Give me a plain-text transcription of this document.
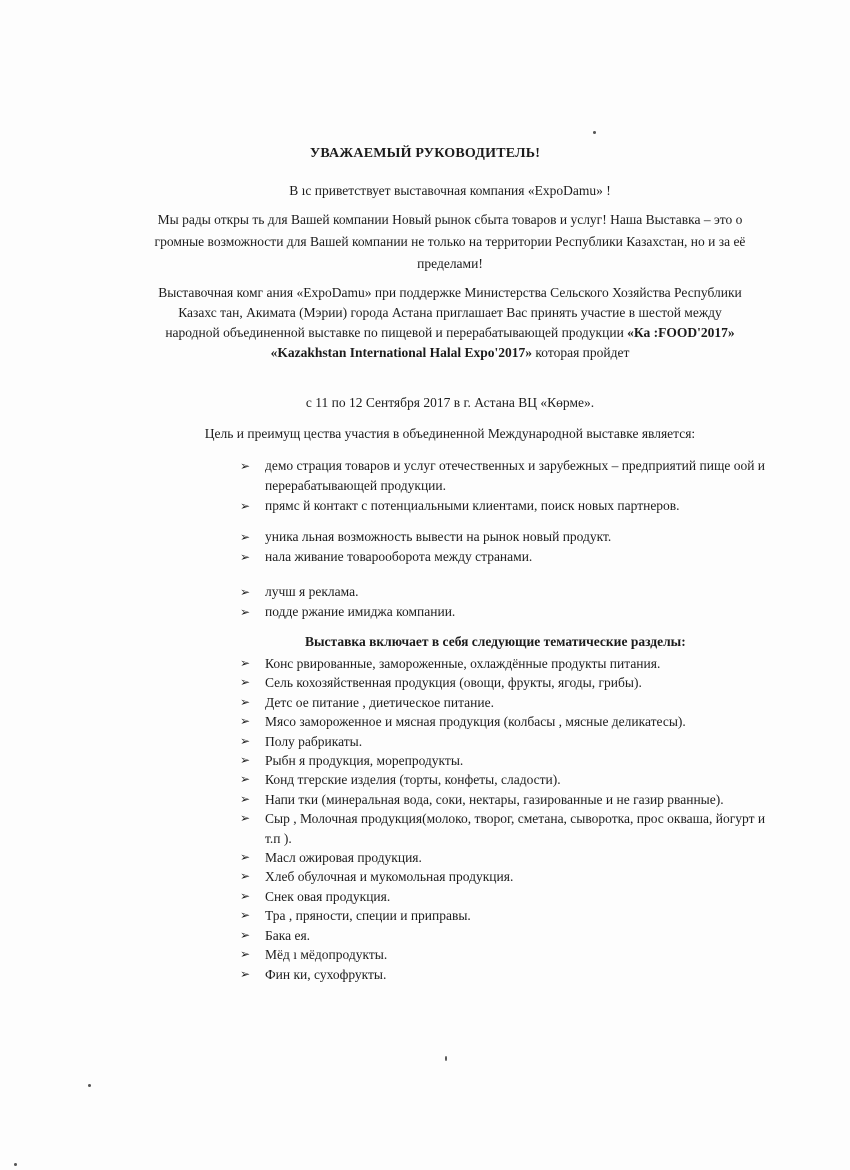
УВАЖАЕМЫЙ РУКОВОДИТЕЛЬ!
В ıс приветствует выставочная компания «ExpoDamu» !
Мы рады откры ть для Вашей компании Новый рынок сбыта товаров и услуг! Наша Выставка – это о громные возможности для Вашей компании не только на территории Республики Казахстан, но и за её пределами!
Выставочная комг ания «ExpoDamu» при поддержке Министерства Сельского Хозяйства Республики Казахс тан, Акимата (Мэрии) города Астана приглашает Вас принять участие в шестой между народной объединенной выставке по пищевой и перерабатывающей продукции «Ка :FOOD'2017» «Kazakhstan International Halal Expo'2017» которая пройдет
с 11 по 12 Сентября 2017 в г. Астана ВЦ «Көрме».
Цель и преимущ цества участия в объединенной Международной выставке является:
➢ демо страция товаров и услуг отечественных и зарубежных – предприятий пище оой и перерабатывающей продукции.
➢ прямс й контакт с потенциальными клиентами, поиск новых партнеров.
➢ уника льная возможность вывести на рынок новый продукт.
➢ нала живание товарооборота между странами.
➢ лучш я реклама.
➢ подде ржание имиджа компании.
Выставка включает в себя следующие тематические разделы:
➢ Конс рвированные, замороженные, охлаждённые продукты питания.
➢ Сель кохозяйственная продукция (овощи, фрукты, ягоды, грибы).
➢ Детс ое питание , диетическое питание.
➢ Мясо замороженное и мясная продукция (колбасы , мясные деликатесы).
➢ Полу рабрикаты.
➢ Рыбн я продукция, морепродукты.
➢ Конд тгерские изделия (торты, конфеты, сладости).
➢ Напи тки (минеральная вода, соки, нектары, газированные и не газир рванные).
➢ Сыр , Молочная продукция(молоко, творог, сметана, сыворотка, прос окваша, йогурт и т.п ).
➢ Масл ожировая продукция.
➢ Хлеб обулочная и мукомольная продукция.
➢ Снек овая продукция.
➢ Тра , пряности, специи и приправы.
➢ Бака ея.
➢ Мёд ı мёдопродукты.
➢ Фин ки, сухофрукты.
